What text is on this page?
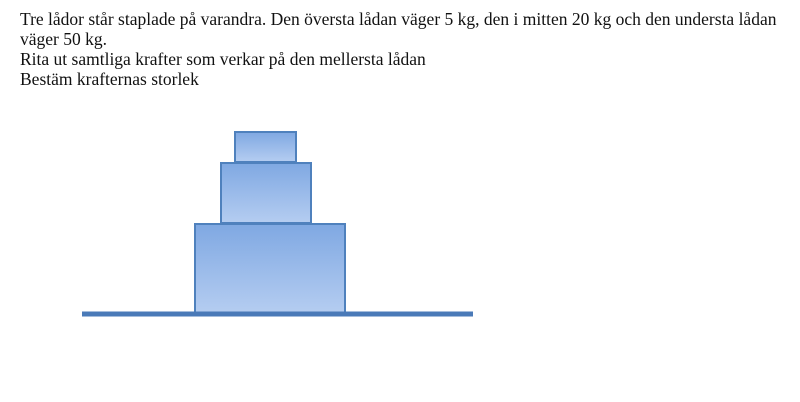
Tre lådor står staplade på varandra. Den översta lådan väger 5 kg, den i mitten 20 kg och den understa lådan väger 50 kg.

Rita ut samtliga krafter som verkar på den mellersta lådan

Bestäm krafternas storlek
